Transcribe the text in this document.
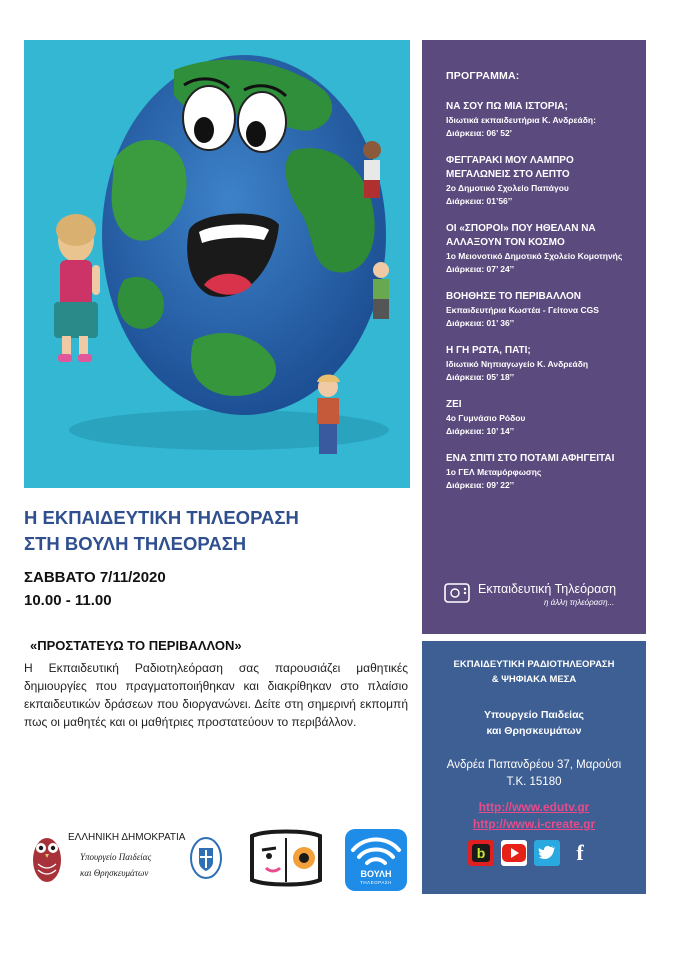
ΠΡΟΓΡΑΜΜΑ:
ΝΑ ΣΟΥ ΠΩ ΜΙΑ ΙΣΤΟΡΙΑ;
Ιδιωτικά εκπαιδευτήρια Κ. Ανδρεάδη:
Διάρκεια: 06’ 52’
ΦΕΓΓΑΡΑΚΙ ΜΟΥ ΛΑΜΠΡΟ ΜΕΓΑΛΩΝΕΙΣ ΣΤΟ ΛΕΠΤΟ
2ο Δημοτικό Σχολείο Παπάγου
Διάρκεια: 01’56’’
ΟΙ «ΣΠΟΡΟΙ» ΠΟΥ ΗΘΕΛΑΝ ΝΑ ΑΛΛΑΞΟΥΝ ΤΟΝ ΚΟΣΜΟ
1ο Μειονοτικό Δημοτικό Σχολείο Κομοτηνής
Διάρκεια: 07’ 24’’
ΒΟΗΘΗΣΕ ΤΟ ΠΕΡΙΒΑΛΛΟΝ
Εκπαιδευτήρια Κωστέα - Γείτονα CGS
Διάρκεια: 01’ 36’’
Η ΓΗ ΡΩΤΑ, ΠΑΤΙ;
Ιδιωτικό Νηπιαγωγείο Κ. Ανδρεάδη
Διάρκεια: 05’ 18’’
ΖΕΙ
4ο Γυμνάσιο Ρόδου
Διάρκεια: 10’ 14’’
ΕΝΑ ΣΠΙΤΙ ΣΤΟ ΠΟΤΑΜΙ ΑΦΗΓΕΙΤΑΙ
1ο ΓΕΛ Μεταμόρφωσης
Διάρκεια: 09’ 22’’
Εκπαιδευτική Τηλεόραση
η άλλη τηλεόραση...
ΕΚΠΑΙΔΕΥΤΙΚΗ ΡΑΔΙΟΤΗΛΕΟΡΑΣΗ
& ΨΗΦΙΑΚΑ ΜΕΣΑ
Υπουργείο Παιδείας
και Θρησκευμάτων
Ανδρέα Παπανδρέου 37, Μαρούσι
Τ.Κ. 15180
http://www.edutv.gr
http://www.i-create.gr
b	f
Η ΕΚΠΑΙΔΕΥΤΙΚΗ ΤΗΛΕΟΡΑΣΗ
ΣΤΗ ΒΟΥΛΗ ΤΗΛΕΟΡΑΣΗ
ΣΑΒΒΑΤΟ 7/11/2020
10.00 - 11.00
«ΠΡΟΣΤΑΤΕΥΩ ΤΟ ΠΕΡΙΒΑΛΛΟΝ»
Η Εκπαιδευτική Ραδιοτηλεόραση σας παρουσιάζει μαθητικές δημιουργίες που πραγματοποιήθηκαν και διακρίθηκαν στο πλαίσιο εκπαιδευτικών δράσεων που διοργανώνει. Δείτε στη σημερινή εκπομπή πως οι μαθητές και οι μαθήτριες προστατεύουν το περιβάλλον.
ΕΛΛΗΝΙΚΗ ΔΗΜΟΚΡΑΤΙΑ
Υπουργείο Παιδείας
και Θρησκευμάτων	ΒΟΥΛΗ
ΤΗΛΕΟΡΑΣΗ
